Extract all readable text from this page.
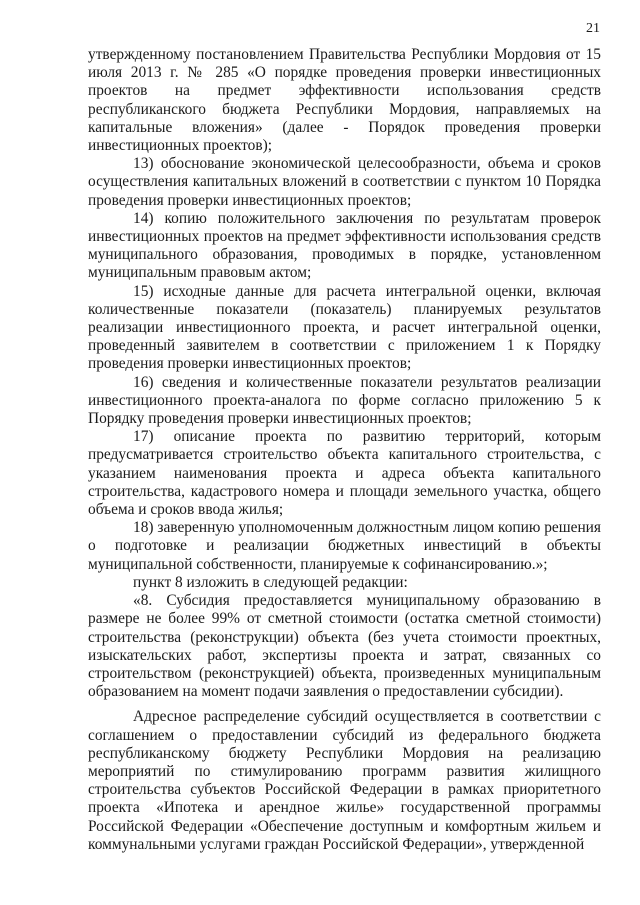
21

утвержденному постановлением Правительства Республики Мордовия от 15 июля 2013 г. № 285 «О порядке проведения проверки инвестиционных проектов на предмет эффективности использования средств республиканского бюджета Республики Мордовия, направляемых на капитальные вложения» (далее - Порядок проведения проверки инвестиционных проектов);

13) обоснование экономической целесообразности, объема и сроков осуществления капитальных вложений в соответствии с пунктом 10 Порядка проведения проверки инвестиционных проектов;

14) копию положительного заключения по результатам проверок инвестиционных проектов на предмет эффективности использования средств муниципального образования, проводимых в порядке, установленном муниципальным правовым актом;

15) исходные данные для расчета интегральной оценки, включая количественные показатели (показатель) планируемых результатов реализации инвестиционного проекта, и расчет интегральной оценки, проведенный заявителем в соответствии с приложением 1 к Порядку проведения проверки инвестиционных проектов;

16) сведения и количественные показатели результатов реализации инвестиционного проекта-аналога по форме согласно приложению 5 к Порядку проведения проверки инвестиционных проектов;

17) описание проекта по развитию территорий, которым предусматривается строительство объекта капитального строительства, с указанием наименования проекта и адреса объекта капитального строительства, кадастрового номера и площади земельного участка, общего объема и сроков ввода жилья;

18) заверенную уполномоченным должностным лицом копию решения о подготовке и реализации бюджетных инвестиций в объекты муниципальной собственности, планируемые к софинансированию.»;

пункт 8 изложить в следующей редакции:

«8. Субсидия предоставляется муниципальному образованию в размере не более 99% от сметной стоимости (остатка сметной стоимости) строительства (реконструкции) объекта (без учета стоимости проектных, изыскательских работ, экспертизы проекта и затрат, связанных со строительством (реконструкцией) объекта, произведенных муниципальным образованием на момент подачи заявления о предоставлении субсидии).

Адресное распределение субсидий осуществляется в соответствии с соглашением о предоставлении субсидий из федерального бюджета республиканскому бюджету Республики Мордовия на реализацию мероприятий по стимулированию программ развития жилищного строительства субъектов Российской Федерации в рамках приоритетного проекта «Ипотека и арендное жилье» государственной программы Российской Федерации «Обеспечение доступным и комфортным жильем и коммунальными услугами граждан Российской Федерации», утвержденной
